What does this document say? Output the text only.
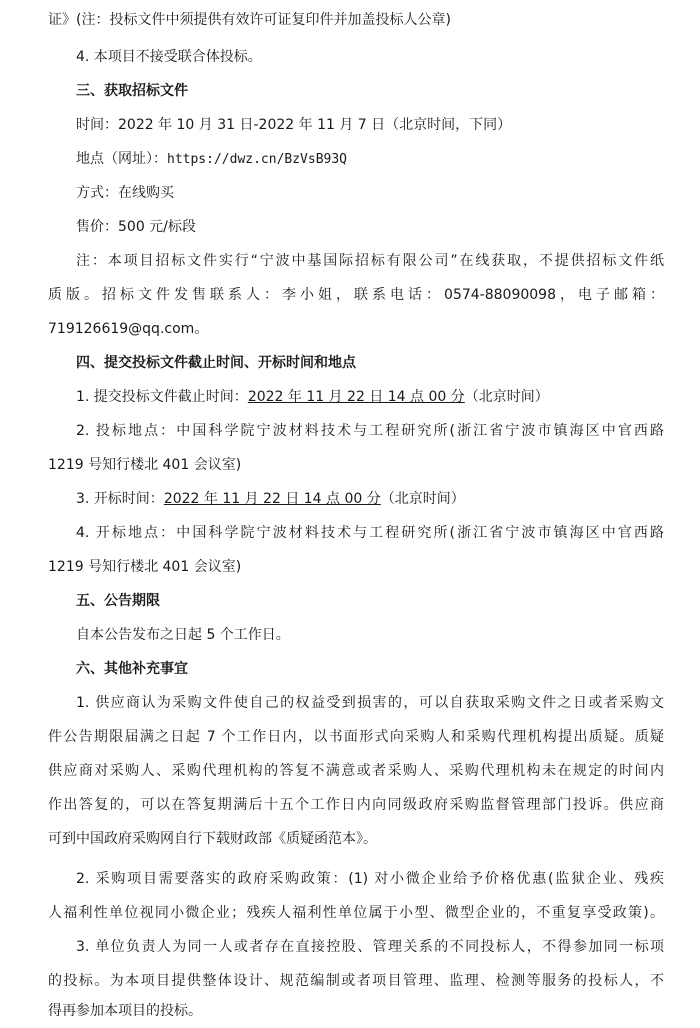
证》(注：投标文件中须提供有效许可证复印件并加盖投标人公章)
4. 本项目不接受联合体投标。
三、获取招标文件
时间：2022 年 10 月 31 日-2022 年 11 月 7 日（北京时间，下同）
地点（网址）：https://dwz.cn/BzVsB93Q
方式：在线购买
售价：500 元/标段
注：本项目招标文件实行“宁波中基国际招标有限公司”在线获取，不提供招标文件纸
质版。招标文件发售联系人：李小姐，联系电话：0574-88090098，电子邮箱：
719126619@qq.com。
四、提交投标文件截止时间、开标时间和地点
1. 提交投标文件截止时间：2022 年 11 月 22 日 14 点 00 分（北京时间）
2. 投标地点：中国科学院宁波材料技术与工程研究所(浙江省宁波市镇海区中官西路
1219 号知行楼北 401 会议室)
3. 开标时间：2022 年 11 月 22 日 14 点 00 分（北京时间）
4. 开标地点：中国科学院宁波材料技术与工程研究所(浙江省宁波市镇海区中官西路
1219 号知行楼北 401 会议室)
五、公告期限
自本公告发布之日起 5 个工作日。
六、其他补充事宜
1. 供应商认为采购文件使自己的权益受到损害的，可以自获取采购文件之日或者采购文
件公告期限届满之日起 7 个工作日内，以书面形式向采购人和采购代理机构提出质疑。质疑
供应商对采购人、采购代理机构的答复不满意或者采购人、采购代理机构未在规定的时间内
作出答复的，可以在答复期满后十五个工作日内向同级政府采购监督管理部门投诉。供应商
可到中国政府采购网自行下载财政部《质疑函范本》。
2. 采购项目需要落实的政府采购政策：(1) 对小微企业给予价格优惠(监狱企业、残疾
人福利性单位视同小微企业；残疾人福利性单位属于小型、微型企业的，不重复享受政策)。
3. 单位负责人为同一人或者存在直接控股、管理关系的不同投标人，不得参加同一标项
的投标。为本项目提供整体设计、规范编制或者项目管理、监理、检测等服务的投标人，不
得再参加本项目的投标。
